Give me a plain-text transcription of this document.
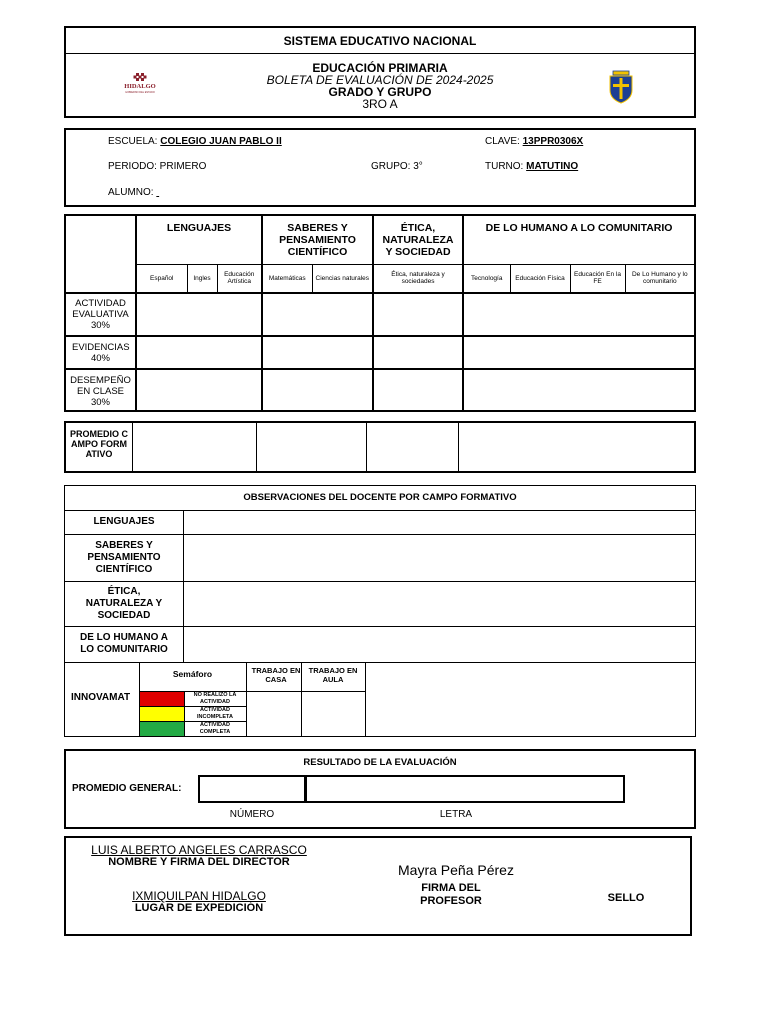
SISTEMA EDUCATIVO NACIONAL
HIDALGO
GOBIERNO DEL ESTADO
EDUCACIÓN PRIMARIA
BOLETA DE EVALUACIÓN DE 2024-2025
GRADO Y GRUPO
3RO A
ESCUELA: COLEGIO JUAN PABLO II	CLAVE: 13PPR0306X
PERIODO: PRIMERO	GRUPO: 3°	TURNO: MATUTINO
ALUMNO:
	LENGUAJES			SABERES Y PENSAMIENTO CIENTÍFICO		ÉTICA, NATURALEZA Y SOCIEDAD	DE LO HUMANO A LO COMUNITARIO			
	Español	Ingles	Educación Artística	Matemáticas	Ciencias naturales	Ética, naturaleza y sociedades	Tecnología	Educación Física	Educación En la FE	De Lo Humano y lo comunitario
ACTIVIDAD EVALUATIVA 30%										
EVIDENCIAS 40%										
DESEMPEÑO EN CLASE 30%										
PROMEDIO CAMPO FORMATIVO
OBSERVACIONES DEL DOCENTE POR CAMPO FORMATIVO
LENGUAJES
SABERES Y PENSAMIENTO CIENTÍFICO
ÉTICA, NATURALEZA Y SOCIEDAD
DE LO HUMANO A LO COMUNITARIO
INNOVAMAT
Semáforo
NO REALIZO LA ACTIVIDAD
ACTIVIDAD INCOMPLETA
ACTIVIDAD COMPLETA
TRABAJO EN CASA
TRABAJO EN AULA
RESULTADO DE LA EVALUACIÓN
PROMEDIO GENERAL:
NÚMERO	LETRA
LUIS ALBERTO ANGELES CARRASCO
NOMBRE Y FIRMA DEL DIRECTOR
IXMIQUILPAN HIDALGO
LUGAR DE EXPEDICIÓN
Mayra Peña Pérez
FIRMA DEL PROFESOR	SELLO
